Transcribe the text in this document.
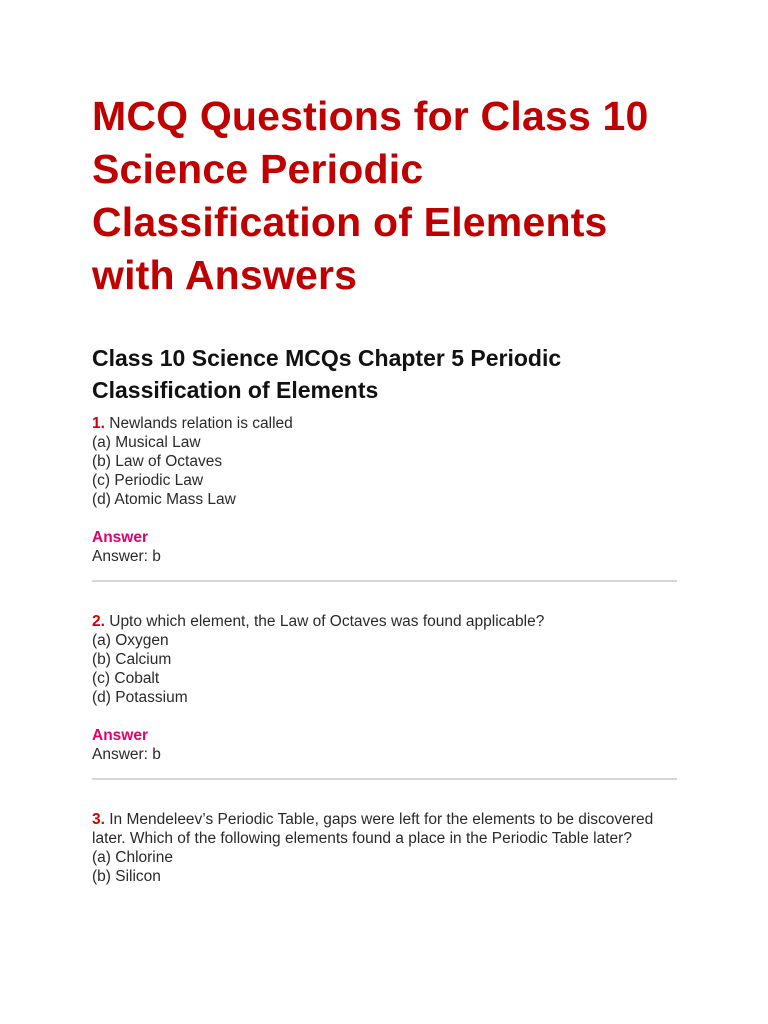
MCQ Questions for Class 10 Science Periodic Classification of Elements with Answers
Class 10 Science MCQs Chapter 5 Periodic Classification of Elements
1. Newlands relation is called
(a) Musical Law
(b) Law of Octaves
(c) Periodic Law
(d) Atomic Mass Law
Answer
Answer: b
2. Upto which element, the Law of Octaves was found applicable?
(a) Oxygen
(b) Calcium
(c) Cobalt
(d) Potassium
Answer
Answer: b
3. In Mendeleev’s Periodic Table, gaps were left for the elements to be discovered later. Which of the following elements found a place in the Periodic Table later?
(a) Chlorine
(b) Silicon
